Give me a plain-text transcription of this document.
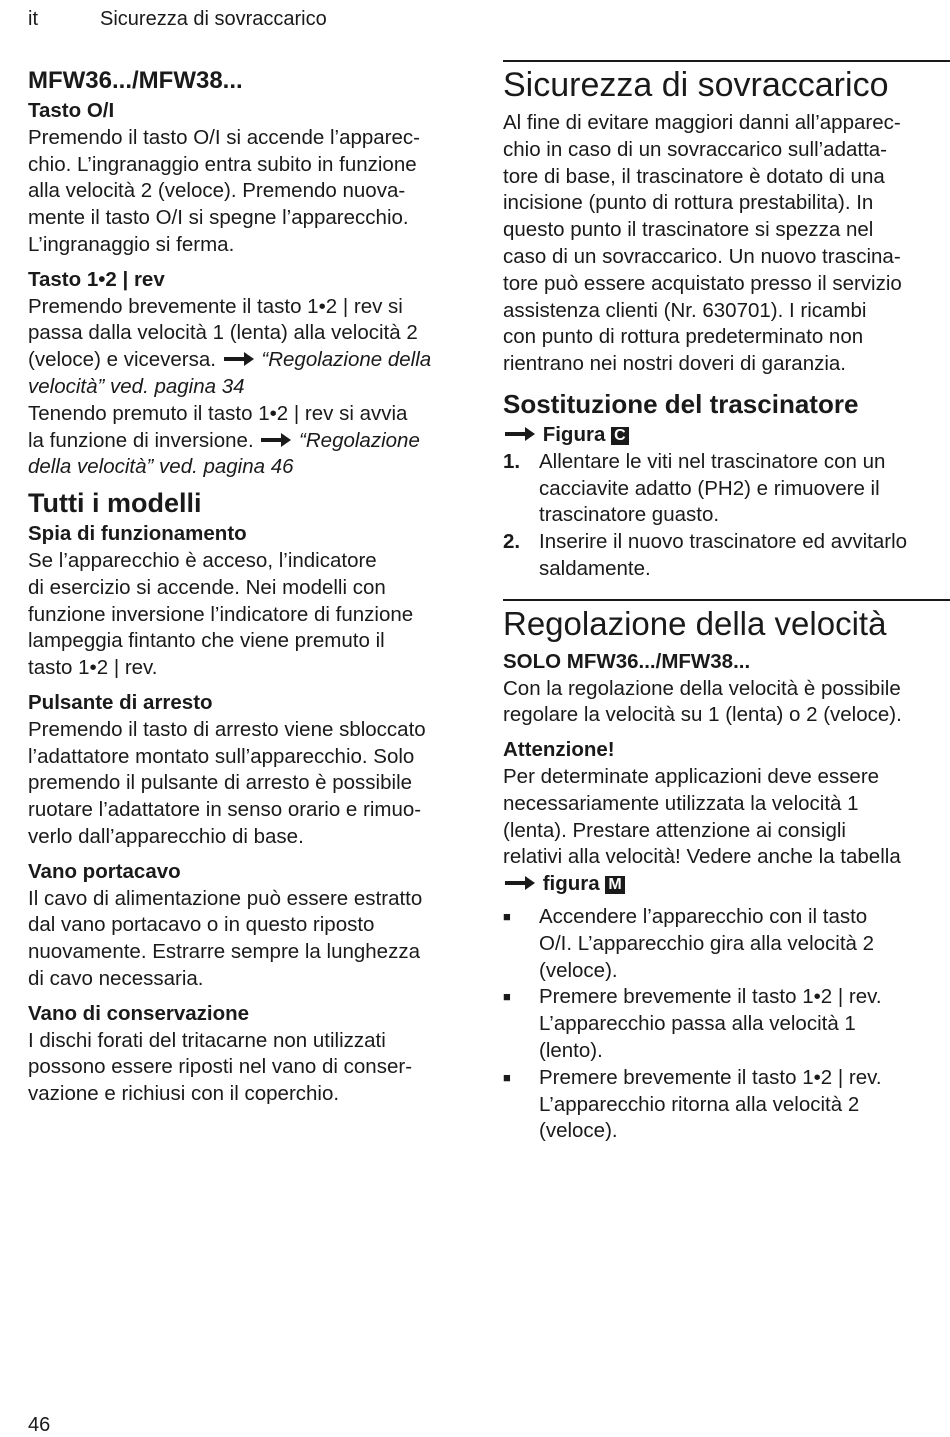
it	Sicurezza di sovraccarico
MFW36.../MFW38...
Tasto O/I

Premendo il tasto O/I si accende l’apparec-

chio. L’ingranaggio entra subito in funzione

alla velocità 2 (veloce). Premendo nuova-

mente il tasto O/I si spegne l’apparecchio.

L’ingranaggio si ferma.

Tasto 1•2 | rev

Premendo brevemente il tasto 1•2 | rev si

passa dalla velocità 1 (lenta) alla velocità 2

(veloce) e viceversa. “Regolazione della

velocità” ved. pagina 34

Tenendo premuto il tasto 1•2 | rev si avvia

la funzione di inversione. “Regolazione

della velocità” ved. pagina 46

Tutti i modelli
Spia di funzionamento

Se l’apparecchio è acceso, l’indicatore

di esercizio si accende. Nei modelli con

funzione inversione l’indicatore di funzione

lampeggia fintanto che viene premuto il

tasto 1•2 | rev.

Pulsante di arresto

Premendo il tasto di arresto viene sbloccato

l’adattatore montato sull’apparecchio. Solo

premendo il pulsante di arresto è possibile

ruotare l’adattatore in senso orario e rimuo-

verlo dall’apparecchio di base.

Vano portacavo

Il cavo di alimentazione può essere estratto

dal vano portacavo o in questo riposto

nuovamente. Estrarre sempre la lunghezza

di cavo necessaria.

Vano di conservazione

I dischi forati del tritacarne non utilizzati

possono essere riposti nel vano di conser-

vazione e richiusi con il coperchio.

Sicurezza di sovraccarico

Al fine di evitare maggiori danni all’apparec-

chio in caso di un sovraccarico sull’adatta-

tore di base, il trascinatore è dotato di una

incisione (punto di rottura prestabilita). In

questo punto il trascinatore si spezza nel

caso di un sovraccarico. Un nuovo trascina-

tore può essere acquistato presso il servizio

assistenza clienti (Nr. 630701). I ricambi

con punto di rottura predeterminato non

rientrano nei nostri doveri di garanzia.

Sostituzione del trascinatore

Figura C

1. Allentare le viti nel trascinatore con un
cacciavite adatto (PH2) e rimuovere il
trascinatore guasto.
2. Inserire il nuovo trascinatore ed avvitarlo
saldamente.
Regolazione della velocità
SOLO MFW36.../MFW38...

Con la regolazione della velocità è possibile

regolare la velocità su 1 (lenta) o 2 (veloce).

Attenzione!

Per determinate applicazioni deve essere

necessariamente utilizzata la velocità 1

(lenta). Prestare attenzione ai consigli

relativi alla velocità! Vedere anche la tabella

figura M

■	Accendere l’apparecchio con il tasto
O/I. L’apparecchio gira alla velocità 2
(veloce).
■	Premere brevemente il tasto 1•2 | rev.
L’apparecchio passa alla velocità 1
(lento).
■	Premere brevemente il tasto 1•2 | rev.
L’apparecchio ritorna alla velocità 2
(veloce).
46
